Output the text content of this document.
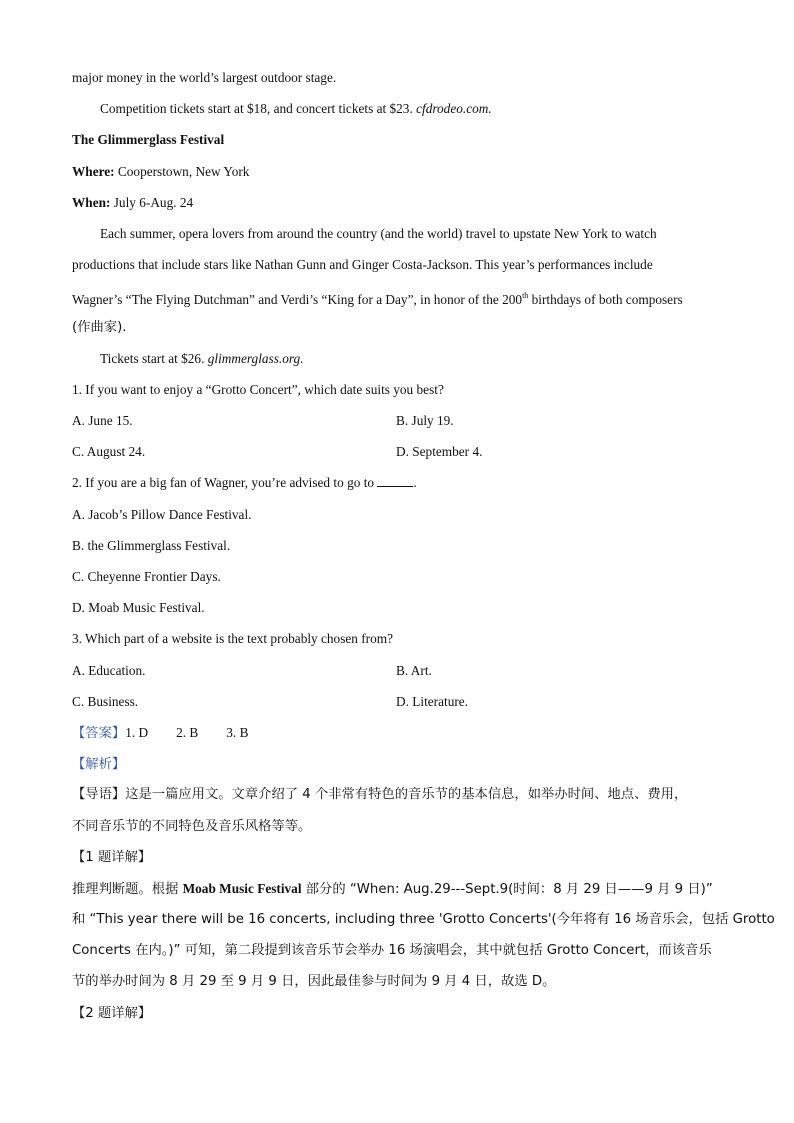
major money in the world’s largest outdoor stage.
Competition tickets start at $18, and concert tickets at $23. cfdrodeo.com.
The Glimmerglass Festival
Where: Cooperstown, New York
When: July 6-Aug. 24
Each summer, opera lovers from around the country (and the world) travel to upstate New York to watch
productions that include stars like Nathan Gunn and Ginger Costa-Jackson. This year’s performances include
Wagner’s “The Flying Dutchman” and Verdi’s “King for a Day”, in honor of the 200th birthdays of both composers
(作曲家).
Tickets start at $26. glimmerglass.org.
1. If you want to enjoy a “Grotto Concert”, which date suits you best?
A. June 15.	B. July 19.
C. August 24.	D. September 4.
2. If you are a big fan of Wagner, you’re advised to go to	.
A. Jacob’s Pillow Dance Festival.
B. the Glimmerglass Festival.
C. Cheyenne Frontier Days.
D. Moab Music Festival.
3. Which part of a website is the text probably chosen from?
A. Education.	B. Art.
C. Business.	D. Literature.
【答案】1. D 2. B 3. B
【解析】
【导语】这是一篇应用文。文章介绍了 4 个非常有特色的音乐节的基本信息，如举办时间、地点、费用，
不同音乐节的不同特色及音乐风格等等。
【1 题详解】
推理判断题。根据 Moab Music Festival 部分的 “When: Aug.29---Sept.9(时间：8 月 29 日——9 月 9 日)”
和 “This year there will be 16 concerts, including three 'Grotto Concerts'(今年将有 16 场音乐会，包括 Grotto
Concerts 在内。)” 可知，第二段提到该音乐节会举办 16 场演唱会，其中就包括 Grotto Concert，而该音乐
节的举办时间为 8 月 29 至 9 月 9 日，因此最佳参与时间为 9 月 4 日，故选 D。
【2 题详解】
